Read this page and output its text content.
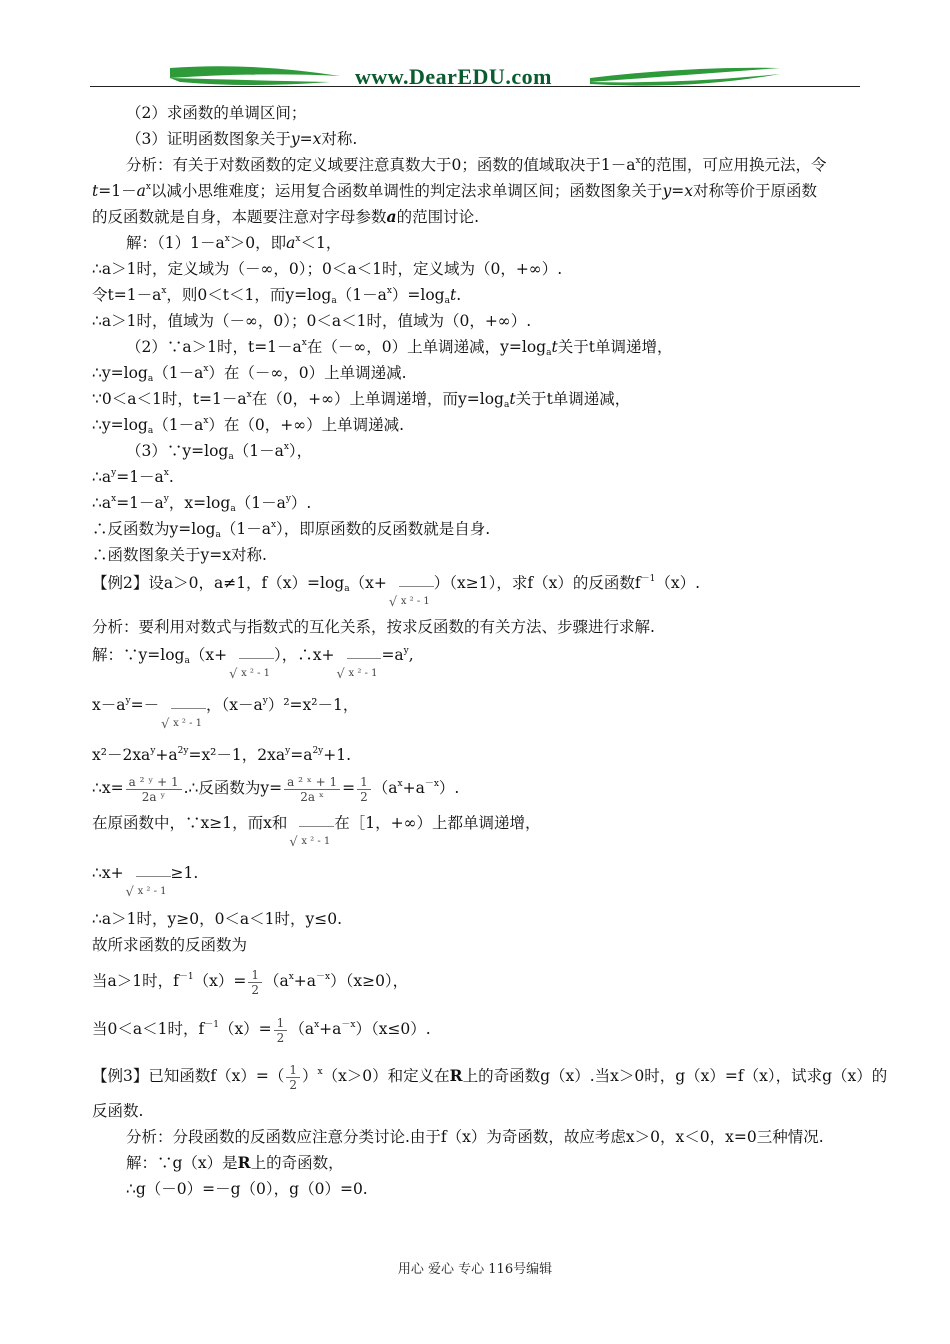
www.DearEDU.com
（2）求函数的单调区间；
（3）证明函数图象关于y=x对称.
分析：有关于对数函数的定义域要注意真数大于0；函数的值域取决于$1-a^x$的范围，可应用换元法，令
$t=1-a^x$以减小思维难度；运用复合函数单调性的判定法求单调区间；函数图象关于y=x对称等价于原函数
的反函数就是自身，本题要注意对字母参数a的范围讨论.
解：$(1)1-a^x>0$，即$a^x<1$，
∴a＞1时，定义域为（－∞，0）；0＜a＜1时，定义域为（0，+∞）.
令$t=1-a^x$，则0＜t＜1，而$y=\log_a(1-a^x)=\log_at$.
∴a＞1时，值域为（－∞，0）；0＜a＜1时，值域为（0，+∞）.
（2）∵a＞1时，$t=1-a^x$在（－∞，0）上单调递减，$y=\log_at$关于t单调递增，
$\therefore y=\log_a(1-a^x)$在（－∞，0）上单调递减.
∵0＜a＜1时，$t=1-a^x$在（0，+∞）上单调递增，而$y=\log_at$关于t单调递减，
$\therefore y=\log_a(1-a^x)$在（0，+∞）上单调递减.
$(3)\because y=\log_a(1-a^x)$，
$\therefore a^y=1-a^x$.
$\therefore a^x=1-a^y$，$x=\log_a(1-a^y)$.
∴反函数为$y=\log_a(1-a^x)$，即原函数的反函数就是自身.
∴函数图象关于y=x对称.
【例2】设a＞0，a≠1，$f(x)=\log_a(x+$
√ x ² - 1）（x≥1），求f（x）的反函数$f^{-1}(x)$.
分析：要利用对数式与指数式的互化关系，按求反函数的有关方法、步骤进行求解.
解：$\because y=\log_a(x+$
√ x ² - 1），∴x+
√ x $^2 - 1=a^y$,
$x-a^y=-$
√ x ² - 1，$(x-a^y)^2=x^2-1$，
$x^2-2xa^y+a^{2y}=x^2-1$，$2xa^y=a^{2y}+1$.
∴x= $\frac{\text{a ² ʸ + 1}}{\text{2a ʸ}}$ .∴反函数为$y= \frac{\text{a ² ˣ + 1}}{\text{2a ˣ}} = \frac{1}{2} (a^x+a^{-x})$.
在原函数中，∵x≥1，而x和
√ x ² - 1在［1，+∞）上都单调递增，
∴x+
√ x ² - 1≥1.
∴a＞1时，y≥0，0＜a＜1时，y≤0.
故所求函数的反函数为
当a＞1时，$f^{-1}(x)= \frac{1}{2} (a^x+a^{-x})(x\ge 0)$，
当0＜a＜1时，$f^{-1}(x)= \frac{1}{2} (a^x+a^{-x})(x\le 0)$.
【例3】已知函数$f(x)=( \frac{1}{2} )^x(x>0)$和定义在R上的奇函数g（x）.当x＞0时，g（x）=f（x），试求g（x）的
反函数.
分析：分段函数的反函数应注意分类讨论.由于f（x）为奇函数，故应考虑x＞0，x＜0，x=0三种情况.
解：∵g（x）是R上的奇函数，
∴g（－0）=－g（0），g（0）=0.
用心 爱心 专心 116号编辑
